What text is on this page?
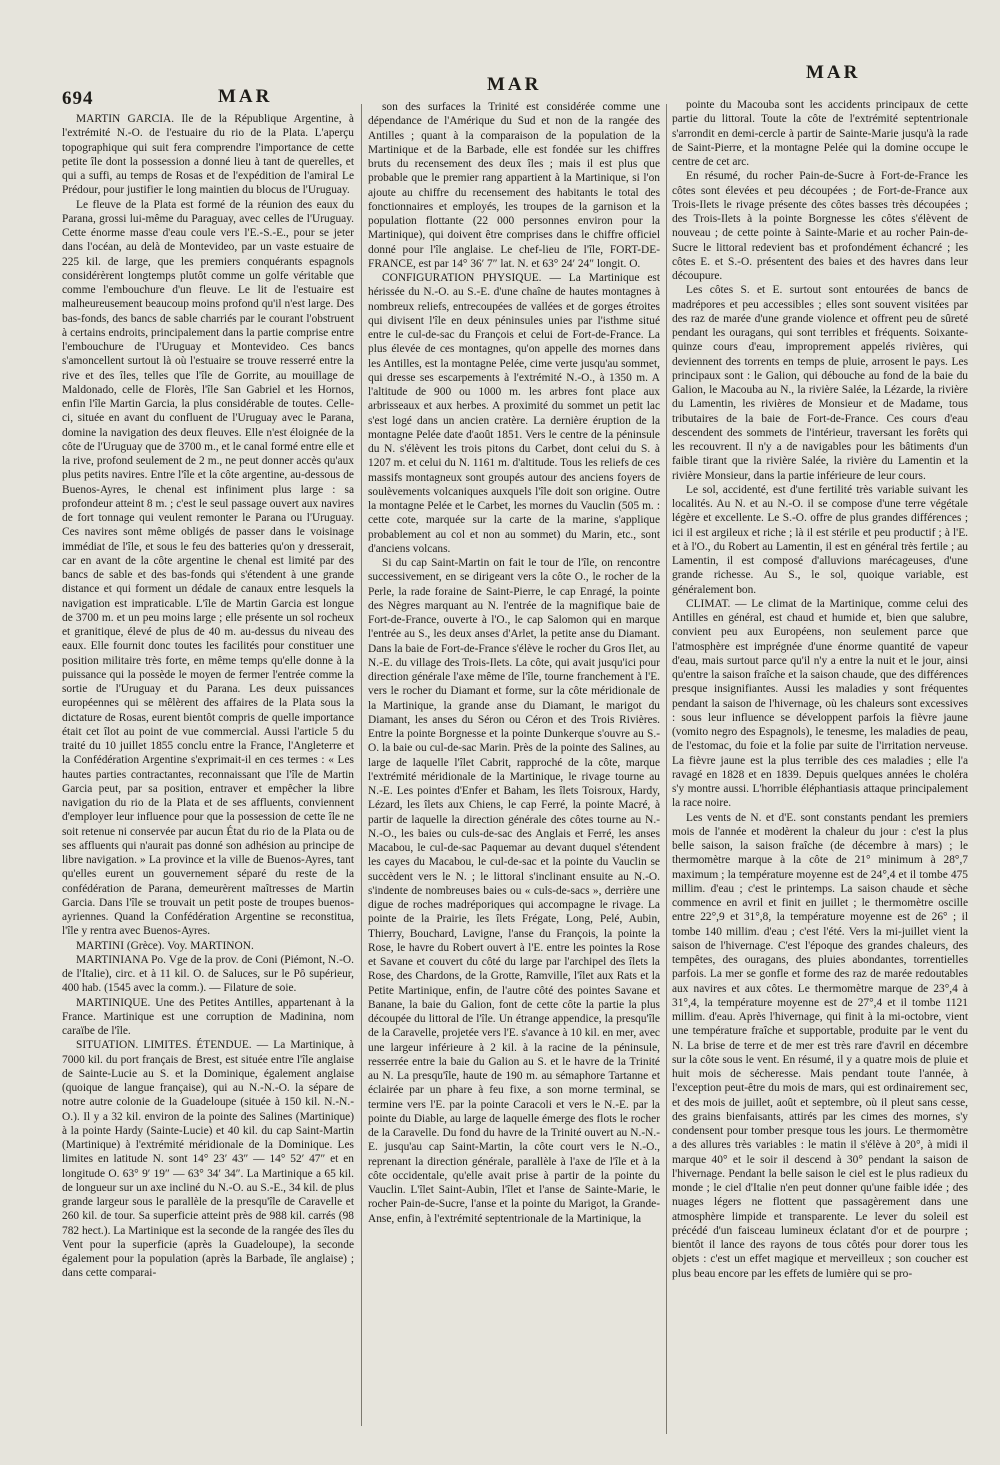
694	MAR
MAR
MAR

MARTIN GARCIA. Ile de la République Argentine, à l'extrémité N.-O. de l'estuaire du rio de la Plata. L'aperçu topographique qui suit fera comprendre l'importance de cette petite île dont la possession a donné lieu à tant de querelles, et qui a suffi, au temps de Rosas et de l'expédition de l'amiral Le Prédour, pour justifier le long maintien du blocus de l'Uruguay.

Le fleuve de la Plata est formé de la réunion des eaux du Parana, grossi lui-même du Paraguay, avec celles de l'Uruguay. Cette énorme masse d'eau coule vers l'E.-S.-E., pour se jeter dans l'océan, au delà de Montevideo, par un vaste estuaire de 225 kil. de large, que les premiers conquérants espagnols considérèrent longtemps plutôt comme un golfe véritable que comme l'embouchure d'un fleuve. Le lit de l'estuaire est malheureusement beaucoup moins profond qu'il n'est large. Des bas-fonds, des bancs de sable charriés par le courant l'obstruent à certains endroits, principalement dans la partie comprise entre l'embouchure de l'Uruguay et Montevideo. Ces bancs s'amoncellent surtout là où l'estuaire se trouve resserré entre la rive et des îles, telles que l'île de Gorrite, au mouillage de Maldonado, celle de Florès, l'île San Gabriel et les Hornos, enfin l'île Martin Garcia, la plus considérable de toutes. Celle-ci, située en avant du confluent de l'Uruguay avec le Parana, domine la navigation des deux fleuves. Elle n'est éloignée de la côte de l'Uruguay que de 3700 m., et le canal formé entre elle et la rive, profond seulement de 2 m., ne peut donner accès qu'aux plus petits navires. Entre l'île et la côte argentine, au-dessous de Buenos-Ayres, le chenal est infiniment plus large : sa profondeur atteint 8 m. ; c'est le seul passage ouvert aux navires de fort tonnage qui veulent remonter le Parana ou l'Uruguay. Ces navires sont même obligés de passer dans le voisinage immédiat de l'île, et sous le feu des batteries qu'on y dresserait, car en avant de la côte argentine le chenal est limité par des bancs de sable et des bas-fonds qui s'étendent à une grande distance et qui forment un dédale de canaux entre lesquels la navigation est impraticable. L'île de Martin Garcia est longue de 3700 m. et un peu moins large ; elle présente un sol rocheux et granitique, élevé de plus de 40 m. au-dessus du niveau des eaux. Elle fournit donc toutes les facilités pour constituer une position militaire très forte, en même temps qu'elle donne à la puissance qui la possède le moyen de fermer l'entrée comme la sortie de l'Uruguay et du Parana. Les deux puissances européennes qui se mêlèrent des affaires de la Plata sous la dictature de Rosas, eurent bientôt compris de quelle importance était cet îlot au point de vue commercial. Aussi l'article 5 du traité du 10 juillet 1855 conclu entre la France, l'Angleterre et la Confédération Argentine s'exprimait-il en ces termes : « Les hautes parties contractantes, reconnaissant que l'île de Martin Garcia peut, par sa position, entraver et empêcher la libre navigation du rio de la Plata et de ses affluents, conviennent d'employer leur influence pour que la possession de cette île ne soit retenue ni conservée par aucun État du rio de la Plata ou de ses affluents qui n'aurait pas donné son adhésion au principe de libre navigation. » La province et la ville de Buenos-Ayres, tant qu'elles eurent un gouvernement séparé du reste de la confédération de Parana, demeurèrent maîtresses de Martin Garcia. Dans l'île se trouvait un petit poste de troupes buenos-ayriennes. Quand la Confédération Argentine se reconstitua, l'île y rentra avec Buenos-Ayres.

MARTINI (Grèce). Voy. MARTINON.

MARTINIANA Po. Vge de la prov. de Coni (Piémont, N.-O. de l'Italie), circ. et à 11 kil. O. de Saluces, sur le Pô supérieur, 400 hab. (1545 avec la comm.). — Filature de soie.

MARTINIQUE. Une des Petites Antilles, appartenant à la France. Martinique est une corruption de Madinina, nom caraïbe de l'île.

SITUATION. LIMITES. ÉTENDUE. — La Martinique, à 7000 kil. du port français de Brest, est située entre l'île anglaise de Sainte-Lucie au S. et la Dominique, également anglaise (quoique de langue française), qui au N.-N.-O. la sépare de notre autre colonie de la Guadeloupe (située à 150 kil. N.-N.-O.). Il y a 32 kil. environ de la pointe des Salines (Martinique) à la pointe Hardy (Sainte-Lucie) et 40 kil. du cap Saint-Martin (Martinique) à l'extrémité méridionale de la Dominique. Les limites en latitude N. sont 14° 23′ 43″ — 14° 52′ 47″ et en longitude O. 63° 9′ 19″ — 63° 34′ 34″. La Martinique a 65 kil. de longueur sur un axe incliné du N.-O. au S.-E., 34 kil. de plus grande largeur sous le parallèle de la presqu'île de Caravelle et 260 kil. de tour. Sa superficie atteint près de 988 kil. carrés (98 782 hect.). La Martinique est la seconde de la rangée des îles du Vent pour la superficie (après la Guadeloupe), la seconde également pour la population (après la Barbade, île anglaise) ; dans cette comparai-

son des surfaces la Trinité est considérée comme une dépendance de l'Amérique du Sud et non de la rangée des Antilles ; quant à la comparaison de la population de la Martinique et de la Barbade, elle est fondée sur les chiffres bruts du recensement des deux îles ; mais il est plus que probable que le premier rang appartient à la Martinique, si l'on ajoute au chiffre du recensement des habitants le total des fonctionnaires et employés, les troupes de la garnison et la population flottante (22 000 personnes environ pour la Martinique), qui doivent être comprises dans le chiffre officiel donné pour l'île anglaise. Le chef-lieu de l'île, FORT-DE-FRANCE, est par 14° 36′ 7″ lat. N. et 63° 24′ 24″ longit. O.

CONFIGURATION PHYSIQUE. — La Martinique est hérissée du N.-O. au S.-E. d'une chaîne de hautes montagnes à nombreux reliefs, entrecoupées de vallées et de gorges étroites qui divisent l'île en deux péninsules unies par l'isthme situé entre le cul-de-sac du François et celui de Fort-de-France. La plus élevée de ces montagnes, qu'on appelle des mornes dans les Antilles, est la montagne Pelée, cime verte jusqu'au sommet, qui dresse ses escarpements à l'extrémité N.-O., à 1350 m. A l'altitude de 900 ou 1000 m. les arbres font place aux arbrisseaux et aux herbes. A proximité du sommet un petit lac s'est logé dans un ancien cratère. La dernière éruption de la montagne Pelée date d'août 1851. Vers le centre de la péninsule du N. s'élèvent les trois pitons du Carbet, dont celui du S. à 1207 m. et celui du N. 1161 m. d'altitude. Tous les reliefs de ces massifs montagneux sont groupés autour des anciens foyers de soulèvements volcaniques auxquels l'île doit son origine. Outre la montagne Pelée et le Carbet, les mornes du Vauclin (505 m. : cette cote, marquée sur la carte de la marine, s'applique probablement au col et non au sommet) du Marin, etc., sont d'anciens volcans.

Si du cap Saint-Martin on fait le tour de l'île, on rencontre successivement, en se dirigeant vers la côte O., le rocher de la Perle, la rade foraine de Saint-Pierre, le cap Enragé, la pointe des Nègres marquant au N. l'entrée de la magnifique baie de Fort-de-France, ouverte à l'O., le cap Salomon qui en marque l'entrée au S., les deux anses d'Arlet, la petite anse du Diamant. Dans la baie de Fort-de-France s'élève le rocher du Gros Ilet, au N.-E. du village des Trois-Ilets. La côte, qui avait jusqu'ici pour direction générale l'axe même de l'île, tourne franchement à l'E. vers le rocher du Diamant et forme, sur la côte méridionale de la Martinique, la grande anse du Diamant, le marigot du Diamant, les anses du Séron ou Céron et des Trois Rivières. Entre la pointe Borgnesse et la pointe Dunkerque s'ouvre au S.-O. la baie ou cul-de-sac Marin. Près de la pointe des Salines, au large de laquelle l'îlet Cabrit, rapproché de la côte, marque l'extrémité méridionale de la Martinique, le rivage tourne au N.-E. Les pointes d'Enfer et Baham, les îlets Toisroux, Hardy, Lézard, les îlets aux Chiens, le cap Ferré, la pointe Macré, à partir de laquelle la direction générale des côtes tourne au N.-N.-O., les baies ou culs-de-sac des Anglais et Ferré, les anses Macabou, le cul-de-sac Paquemar au devant duquel s'étendent les cayes du Macabou, le cul-de-sac et la pointe du Vauclin se succèdent vers le N. ; le littoral s'inclinant ensuite au N.-O. s'indente de nombreuses baies ou « culs-de-sacs », derrière une digue de roches madréporiques qui accompagne le rivage. La pointe de la Prairie, les îlets Frégate, Long, Pelé, Aubin, Thierry, Bouchard, Lavigne, l'anse du François, la pointe la Rose, le havre du Robert ouvert à l'E. entre les pointes la Rose et Savane et couvert du côté du large par l'archipel des îlets la Rose, des Chardons, de la Grotte, Ramville, l'îlet aux Rats et la Petite Martinique, enfin, de l'autre côté des pointes Savane et Banane, la baie du Galion, font de cette côte la partie la plus découpée du littoral de l'île. Un étrange appendice, la presqu'île de la Caravelle, projetée vers l'E. s'avance à 10 kil. en mer, avec une largeur inférieure à 2 kil. à la racine de la péninsule, resserrée entre la baie du Galion au S. et le havre de la Trinité au N. La presqu'île, haute de 190 m. au sémaphore Tartanne et éclairée par un phare à feu fixe, a son morne terminal, se termine vers l'E. par la pointe Caracoli et vers le N.-E. par la pointe du Diable, au large de laquelle émerge des flots le rocher de la Caravelle. Du fond du havre de la Trinité ouvert au N.-N.-E. jusqu'au cap Saint-Martin, la côte court vers le N.-O., reprenant la direction générale, parallèle à l'axe de l'île et à la côte occidentale, qu'elle avait prise à partir de la pointe du Vauclin. L'îlet Saint-Aubin, l'îlet et l'anse de Sainte-Marie, le rocher Pain-de-Sucre, l'anse et la pointe du Marigot, la Grande-Anse, enfin, à l'extrémité septentrionale de la Martinique, la

pointe du Macouba sont les accidents principaux de cette partie du littoral. Toute la côte de l'extrémité septentrionale s'arrondit en demi-cercle à partir de Sainte-Marie jusqu'à la rade de Saint-Pierre, et la montagne Pelée qui la domine occupe le centre de cet arc.

En résumé, du rocher Pain-de-Sucre à Fort-de-France les côtes sont élevées et peu découpées ; de Fort-de-France aux Trois-Ilets le rivage présente des côtes basses très découpées ; des Trois-Ilets à la pointe Borgnesse les côtes s'élèvent de nouveau ; de cette pointe à Sainte-Marie et au rocher Pain-de-Sucre le littoral redevient bas et profondément échancré ; les côtes E. et S.-O. présentent des baies et des havres dans leur découpure.

Les côtes S. et E. surtout sont entourées de bancs de madrépores et peu accessibles ; elles sont souvent visitées par des raz de marée d'une grande violence et offrent peu de sûreté pendant les ouragans, qui sont terribles et fréquents. Soixante-quinze cours d'eau, improprement appelés rivières, qui deviennent des torrents en temps de pluie, arrosent le pays. Les principaux sont : le Galion, qui débouche au fond de la baie du Galion, le Macouba au N., la rivière Salée, la Lézarde, la rivière du Lamentin, les rivières de Monsieur et de Madame, tous tributaires de la baie de Fort-de-France. Ces cours d'eau descendent des sommets de l'intérieur, traversant les forêts qui les recouvrent. Il n'y a de navigables pour les bâtiments d'un faible tirant que la rivière Salée, la rivière du Lamentin et la rivière Monsieur, dans la partie inférieure de leur cours.

Le sol, accidenté, est d'une fertilité très variable suivant les localités. Au N. et au N.-O. il se compose d'une terre végétale légère et excellente. Le S.-O. offre de plus grandes différences ; ici il est argileux et riche ; là il est stérile et peu productif ; à l'E. et à l'O., du Robert au Lamentin, il est en général très fertile ; au Lamentin, il est composé d'alluvions marécageuses, d'une grande richesse. Au S., le sol, quoique variable, est généralement bon.

CLIMAT. — Le climat de la Martinique, comme celui des Antilles en général, est chaud et humide et, bien que salubre, convient peu aux Européens, non seulement parce que l'atmosphère est imprégnée d'une énorme quantité de vapeur d'eau, mais surtout parce qu'il n'y a entre la nuit et le jour, ainsi qu'entre la saison fraîche et la saison chaude, que des différences presque insignifiantes. Aussi les maladies y sont fréquentes pendant la saison de l'hivernage, où les chaleurs sont excessives : sous leur influence se développent parfois la fièvre jaune (vomito negro des Espagnols), le tenesme, les maladies de peau, de l'estomac, du foie et la folie par suite de l'irritation nerveuse. La fièvre jaune est la plus terrible des ces maladies ; elle l'a ravagé en 1828 et en 1839. Depuis quelques années le choléra s'y montre aussi. L'horrible éléphantiasis attaque principalement la race noire.

Les vents de N. et d'E. sont constants pendant les premiers mois de l'année et modèrent la chaleur du jour : c'est la plus belle saison, la saison fraîche (de décembre à mars) ; le thermomètre marque à la côte de 21° minimum à 28°,7 maximum ; la température moyenne est de 24°,4 et il tombe 475 millim. d'eau ; c'est le printemps. La saison chaude et sèche commence en avril et finit en juillet ; le thermomètre oscille entre 22°,9 et 31°,8, la température moyenne est de 26° ; il tombe 140 millim. d'eau ; c'est l'été. Vers la mi-juillet vient la saison de l'hivernage. C'est l'époque des grandes chaleurs, des tempêtes, des ouragans, des pluies abondantes, torrentielles parfois. La mer se gonfle et forme des raz de marée redoutables aux navires et aux côtes. Le thermomètre marque de 23°,4 à 31°,4, la température moyenne est de 27°,4 et il tombe 1121 millim. d'eau. Après l'hivernage, qui finit à la mi-octobre, vient une température fraîche et supportable, produite par le vent du N. La brise de terre et de mer est très rare d'avril en décembre sur la côte sous le vent. En résumé, il y a quatre mois de pluie et huit mois de sécheresse. Mais pendant toute l'année, à l'exception peut-être du mois de mars, qui est ordinairement sec, et des mois de juillet, août et septembre, où il pleut sans cesse, des grains bienfaisants, attirés par les cimes des mornes, s'y condensent pour tomber presque tous les jours. Le thermomètre a des allures très variables : le matin il s'élève à 20°, à midi il marque 40° et le soir il descend à 30° pendant la saison de l'hivernage. Pendant la belle saison le ciel est le plus radieux du monde ; le ciel d'Italie n'en peut donner qu'une faible idée ; des nuages légers ne flottent que passagèrement dans une atmosphère limpide et transparente. Le lever du soleil est précédé d'un faisceau lumineux éclatant d'or et de pourpre ; bientôt il lance des rayons de tous côtés pour dorer tous les objets : c'est un effet magique et merveilleux ; son coucher est plus beau encore par les effets de lumière qui se pro-
